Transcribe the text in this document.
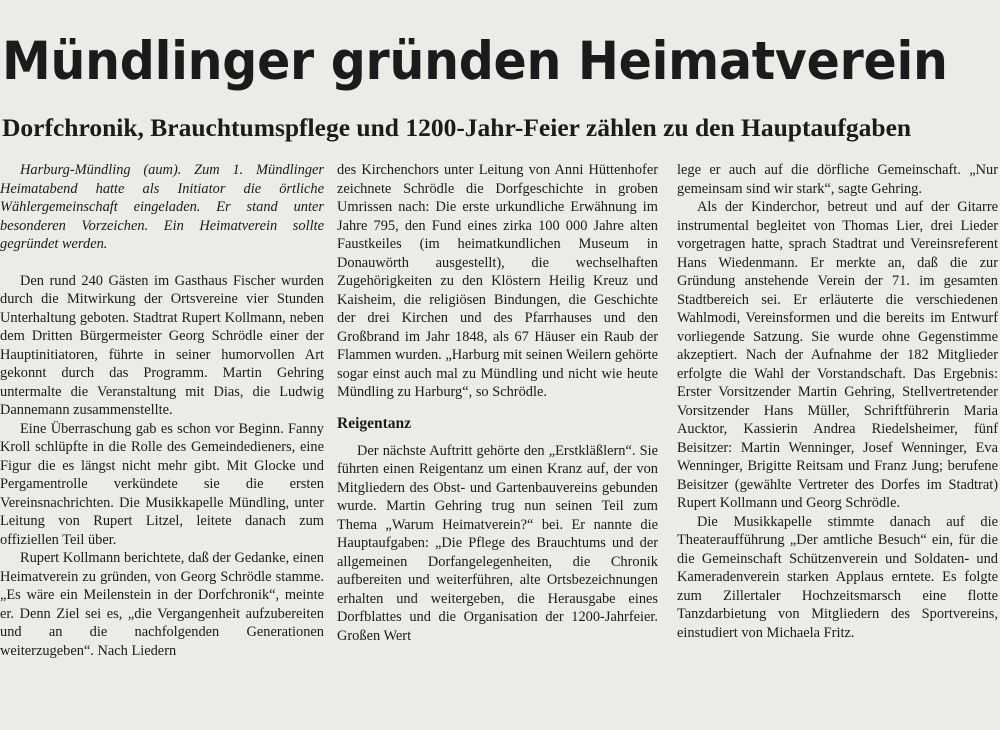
Mündlinger gründen Heimatverein
Dorfchronik, Brauchtumspflege und 1200-Jahr-Feier zählen zu den Hauptaufgaben

Harburg-Mündling (aum). Zum 1. Mündlinger Heimatabend hatte als Initiator die örtliche Wählergemeinschaft eingeladen. Er stand unter besonderen Vorzeichen. Ein Heimatverein sollte gegründet werden.

Den rund 240 Gästen im Gasthaus Fischer wurden durch die Mitwirkung der Ortsvereine vier Stunden Unterhaltung geboten. Stadtrat Rupert Kollmann, neben dem Dritten Bürgermeister Georg Schrödle einer der Hauptinitiatoren, führte in seiner humorvollen Art gekonnt durch das Programm. Martin Gehring untermalte die Veranstaltung mit Dias, die Ludwig Dannemann zusammenstellte.

Eine Überraschung gab es schon vor Beginn. Fanny Kroll schlüpfte in die Rolle des Gemeindedieners, eine Figur die es längst nicht mehr gibt. Mit Glocke und Pergamentrolle verkündete sie die ersten Vereinsnachrichten. Die Musikkapelle Mündling, unter Leitung von Rupert Litzel, leitete danach zum offiziellen Teil über.

Rupert Kollmann berichtete, daß der Gedanke, einen Heimatverein zu gründen, von Georg Schrödle stamme. „Es wäre ein Meilenstein in der Dorfchronik“, meinte er. Denn Ziel sei es, „die Vergangenheit aufzubereiten und an die nachfolgenden Generationen weiterzugeben“. Nach Liedern

des Kirchenchors unter Leitung von Anni Hüttenhofer zeichnete Schrödle die Dorfgeschichte in groben Umrissen nach: Die erste urkundliche Erwähnung im Jahre 795, den Fund eines zirka 100 000 Jahre alten Faustkeiles (im heimatkundlichen Museum in Donauwörth ausgestellt), die wechselhaften Zugehörigkeiten zu den Klöstern Heilig Kreuz und Kaisheim, die religiösen Bindungen, die Geschichte der drei Kirchen und des Pfarrhauses und den Großbrand im Jahr 1848, als 67 Häuser ein Raub der Flammen wurden. „Harburg mit seinen Weilern gehörte sogar einst auch mal zu Mündling und nicht wie heute Mündling zu Harburg“, so Schrödle.

Reigentanz

Der nächste Auftritt gehörte den „Erstkläßlern“. Sie führten einen Reigentanz um einen Kranz auf, der von Mitgliedern des Obst- und Gartenbauvereins gebunden wurde. Martin Gehring trug nun seinen Teil zum Thema „Warum Heimatverein?“ bei. Er nannte die Hauptaufgaben: „Die Pflege des Brauchtums und der allgemeinen Dorfangelegenheiten, die Chronik aufbereiten und weiterführen, alte Ortsbezeichnungen erhalten und weitergeben, die Herausgabe eines Dorfblattes und die Organisation der 1200-Jahrfeier. Großen Wert

lege er auch auf die dörfliche Gemeinschaft. „Nur gemeinsam sind wir stark“, sagte Gehring.

Als der Kinderchor, betreut und auf der Gitarre instrumental begleitet von Thomas Lier, drei Lieder vorgetragen hatte, sprach Stadtrat und Vereinsreferent Hans Wiedenmann. Er merkte an, daß die zur Gründung anstehende Verein der 71. im gesamten Stadtbereich sei. Er erläuterte die verschiedenen Wahlmodi, Vereinsformen und die bereits im Entwurf vorliegende Satzung. Sie wurde ohne Gegenstimme akzeptiert. Nach der Aufnahme der 182 Mitglieder erfolgte die Wahl der Vorstandschaft. Das Ergebnis: Erster Vorsitzender Martin Gehring, Stellvertretender Vorsitzender Hans Müller, Schriftführerin Maria Aucktor, Kassierin Andrea Riedelsheimer, fünf Beisitzer: Martin Wenninger, Josef Wenninger, Eva Wenninger, Brigitte Reitsam und Franz Jung; berufene Beisitzer (gewählte Vertreter des Dorfes im Stadtrat) Rupert Kollmann und Georg Schrödle.

Die Musikkapelle stimmte danach auf die Theateraufführung „Der amtliche Besuch“ ein, für die die Gemeinschaft Schützenverein und Soldaten- und Kameradenverein starken Applaus erntete. Es folgte zum Zillertaler Hochzeitsmarsch eine flotte Tanzdarbietung von Mitgliedern des Sportvereins, einstudiert von Michaela Fritz.
